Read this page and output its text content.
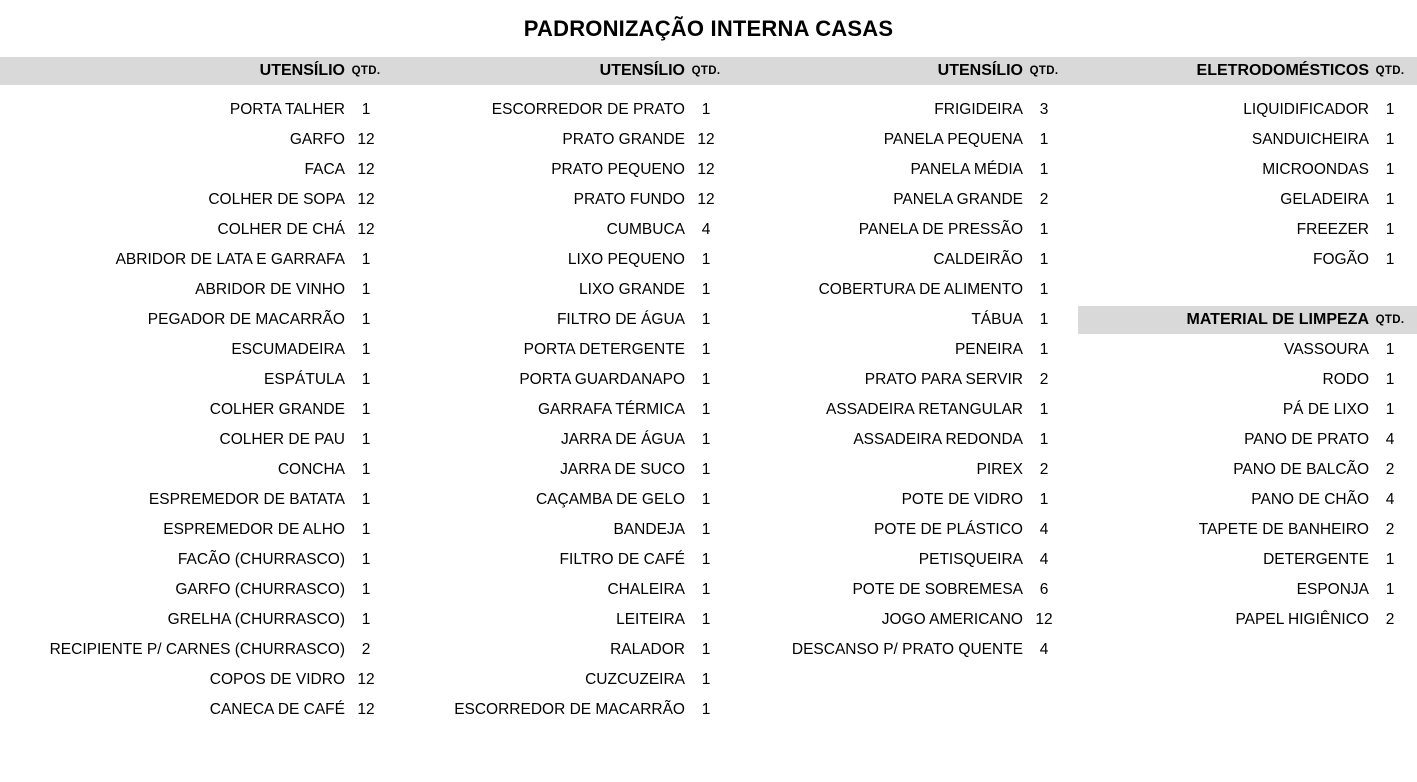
PADRONIZAÇÃO INTERNA CASAS
UTENSÍLIO QTD.	UTENSÍLIO QTD.	UTENSÍLIO QTD.	ELETRODOMÉSTICOS QTD.
PORTA TALHER	1
GARFO 12
FACA 12
COLHER DE SOPA 12
COLHER DE CHÁ 12
ABRIDOR DE LATA E GARRAFA	1
ABRIDOR DE VINHO	1
PEGADOR DE MACARRÃO	1
ESCUMADEIRA	1
ESPÁTULA	1
COLHER GRANDE	1
COLHER DE PAU	1
CONCHA	1
ESPREMEDOR DE BATATA	1
ESPREMEDOR DE ALHO	1
FACÃO (CHURRASCO)	1
GARFO (CHURRASCO)	1
GRELHA (CHURRASCO)	1
RECIPIENTE P/ CARNES (CHURRASCO)	2
COPOS DE VIDRO 12
CANECA DE CAFÉ 12
ESCORREDOR DE PRATO	1
PRATO GRANDE 12
PRATO PEQUENO 12
PRATO FUNDO 12
CUMBUCA	4
LIXO PEQUENO	1
LIXO GRANDE	1
FILTRO DE ÁGUA	1
PORTA DETERGENTE	1
PORTA GUARDANAPO	1
GARRAFA TÉRMICA	1
JARRA DE ÁGUA	1
JARRA DE SUCO	1
CAÇAMBA DE GELO	1
BANDEJA	1
FILTRO DE CAFÉ	1
CHALEIRA	1
LEITEIRA	1
RALADOR	1
CUZCUZEIRA	1
ESCORREDOR DE MACARRÃO	1
FRIGIDEIRA	3
PANELA PEQUENA	1
PANELA MÉDIA	1
PANELA GRANDE	2
PANELA DE PRESSÃO	1
CALDEIRÃO	1
COBERTURA DE ALIMENTO	1
TÁBUA	1
PENEIRA	1
PRATO PARA SERVIR	2
ASSADEIRA RETANGULAR	1
ASSADEIRA REDONDA	1
PIREX	2
POTE DE VIDRO	1
POTE DE PLÁSTICO	4
PETISQUEIRA	4
POTE DE SOBREMESA	6
JOGO AMERICANO 12
DESCANSO P/ PRATO QUENTE	4
LIQUIDIFICADOR	1
SANDUICHEIRA	1
MICROONDAS	1
GELADEIRA	1
FREEZER	1
FOGÃO	1
MATERIAL DE LIMPEZA QTD.
VASSOURA	1
RODO	1
PÁ DE LIXO	1
PANO DE PRATO	4
PANO DE BALCÃO	2
PANO DE CHÃO	4
TAPETE DE BANHEIRO	2
DETERGENTE	1
ESPONJA	1
PAPEL HIGIÊNICO	2
